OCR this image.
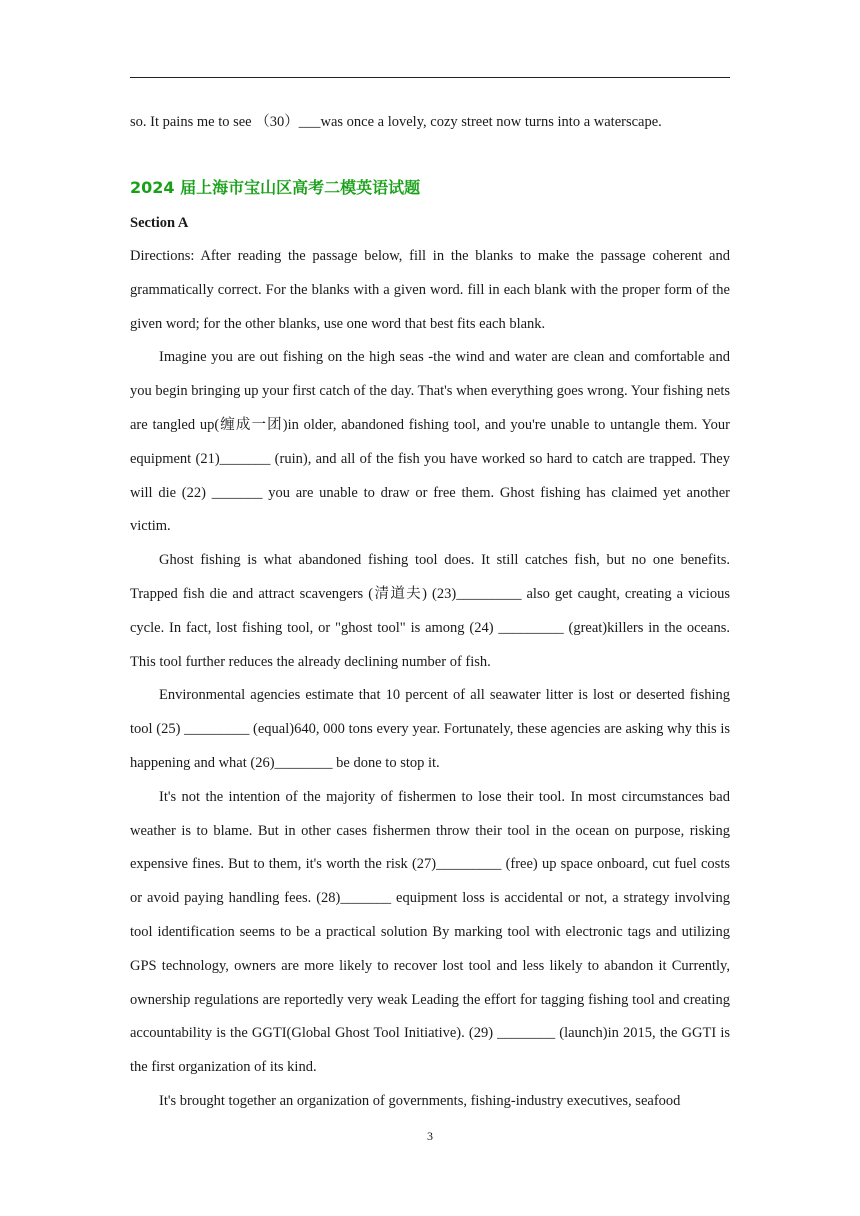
so. It pains me to see （30）___was once a lovely, cozy street now turns into a waterscape.
2024 届上海市宝山区高考二模英语试题
Section A

Directions: After reading the passage below, fill in the blanks to make the passage coherent and grammatically correct. For the blanks with a given word. fill in each blank with the proper form of the given word; for the other blanks, use one word that best fits each blank.

Imagine you are out fishing on the high seas -the wind and water are clean and comfortable and you begin bringing up your first catch of the day. That's when everything goes wrong. Your fishing nets are tangled up(缠成一团)in older, abandoned fishing tool, and you're unable to untangle them. Your equipment (21)_______ (ruin), and all of the fish you have worked so hard to catch are trapped. They will die (22) _______ you are unable to draw or free them. Ghost fishing has claimed yet another victim.

Ghost fishing is what abandoned fishing tool does. It still catches fish, but no one benefits. Trapped fish die and attract scavengers (清道夫) (23)_________ also get caught, creating a vicious cycle. In fact, lost fishing tool, or "ghost tool" is among (24) _________ (great)killers in the oceans. This tool further reduces the already declining number of fish.

Environmental agencies estimate that 10 percent of all seawater litter is lost or deserted fishing tool (25) _________ (equal)640, 000 tons every year. Fortunately, these agencies are asking why this is happening and what (26)________ be done to stop it.

It's not the intention of the majority of fishermen to lose their tool. In most circumstances bad weather is to blame. But in other cases fishermen throw their tool in the ocean on purpose, risking expensive fines. But to them, it's worth the risk (27)_________ (free) up space onboard, cut fuel costs or avoid paying handling fees. (28)_______ equipment loss is accidental or not, a strategy involving tool identification seems to be a practical solution By marking tool with electronic tags and utilizing GPS technology, owners are more likely to recover lost tool and less likely to abandon it Currently, ownership regulations are reportedly very weak Leading the effort for tagging fishing tool and creating accountability is the GGTI(Global Ghost Tool Initiative). (29) ________ (launch)in 2015, the GGTI is the first organization of its kind.

It's brought together an organization of governments, fishing-industry executives, seafood

3
